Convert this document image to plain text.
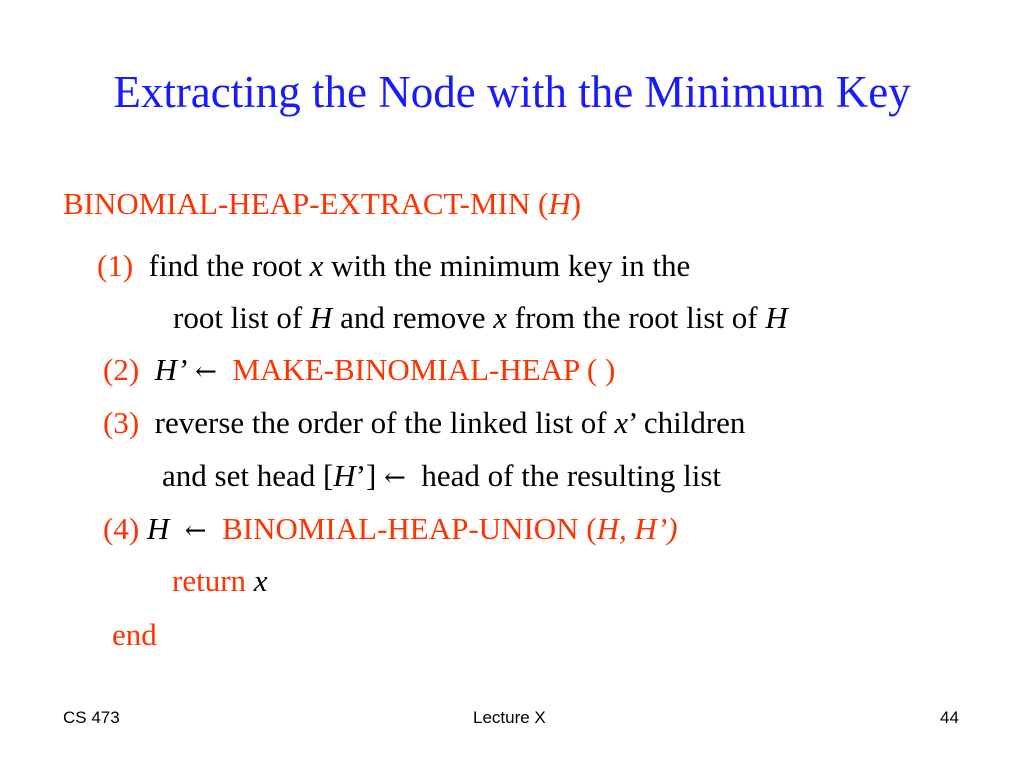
Extracting the Node with the Minimum Key
BINOMIAL-HEAP-EXTRACT-MIN (H)
(1) find the root x with the minimum key in the
root list of H and remove x from the root list of H
(2) H’ ← MAKE-BINOMIAL-HEAP ( )
(3) reverse the order of the linked list of x’ children
and set head [H’] ← head of the resulting list
(4) H ← BINOMIAL-HEAP-UNION (H, H’)
return x
end
CS 473	Lecture X	44
